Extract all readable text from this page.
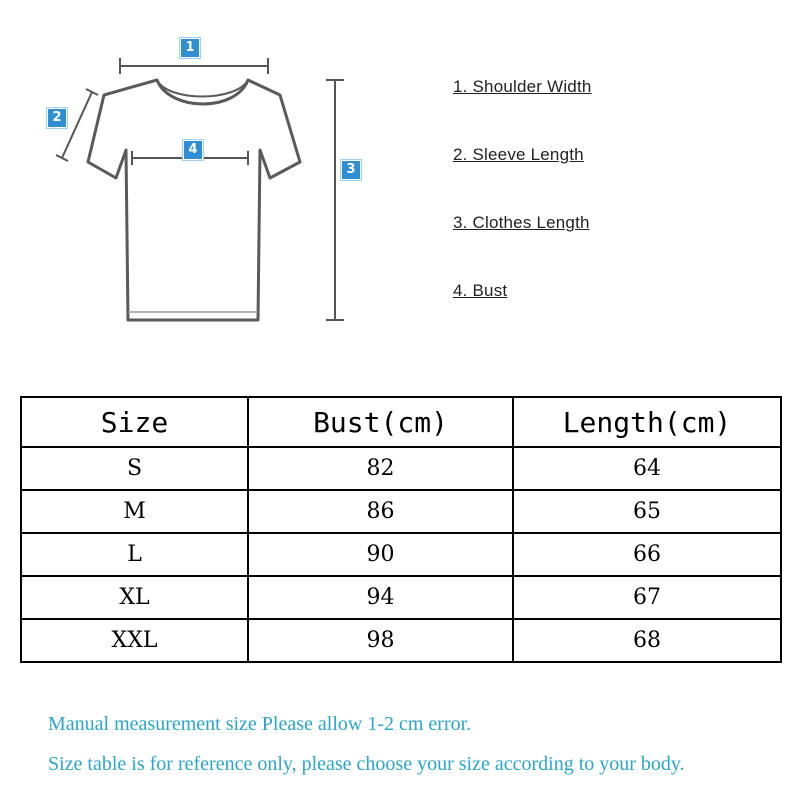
1
2
3
4
1. Shoulder Width
2. Sleeve Length
3. Clothes Length
4. Bust
Size	Bust(cm)	Length(cm)
S	82	64
M	86	65
L	90	66
XL	94	67
XXL	98	68
Manual measurement size Please allow 1-2 cm error.
Size table is for reference only, please choose your size according to your body.
